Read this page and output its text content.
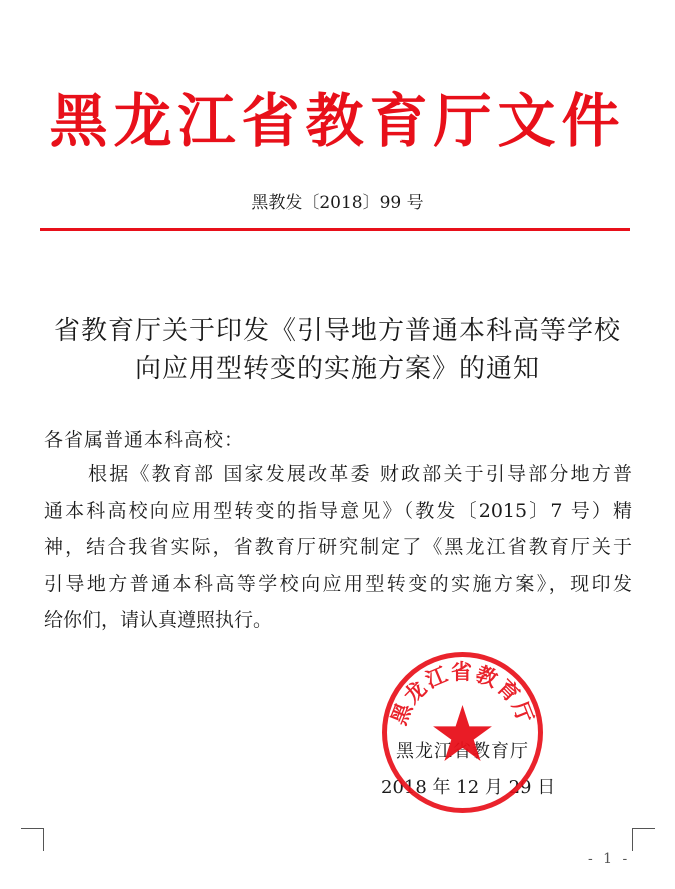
黑龙江省教育厅文件
黑教发〔2018〕99 号
省教育厅关于印发《引导地方普通本科高等学校
向应用型转变的实施方案》的通知
各省属普通本科高校：
根据《教育部 国家发展改革委 财政部关于引导部分地方普
通本科高校向应用型转变的指导意见》（教发〔2015〕7 号）精
神，结合我省实际，省教育厅研究制定了《黑龙江省教育厅关于
引导地方普通本科高等学校向应用型转变的实施方案》，现印发
给你们，请认真遵照执行。
黑龙江省教育厅
2018 年 12 月 29 日
黑龙江省教育厅
- 1 -
